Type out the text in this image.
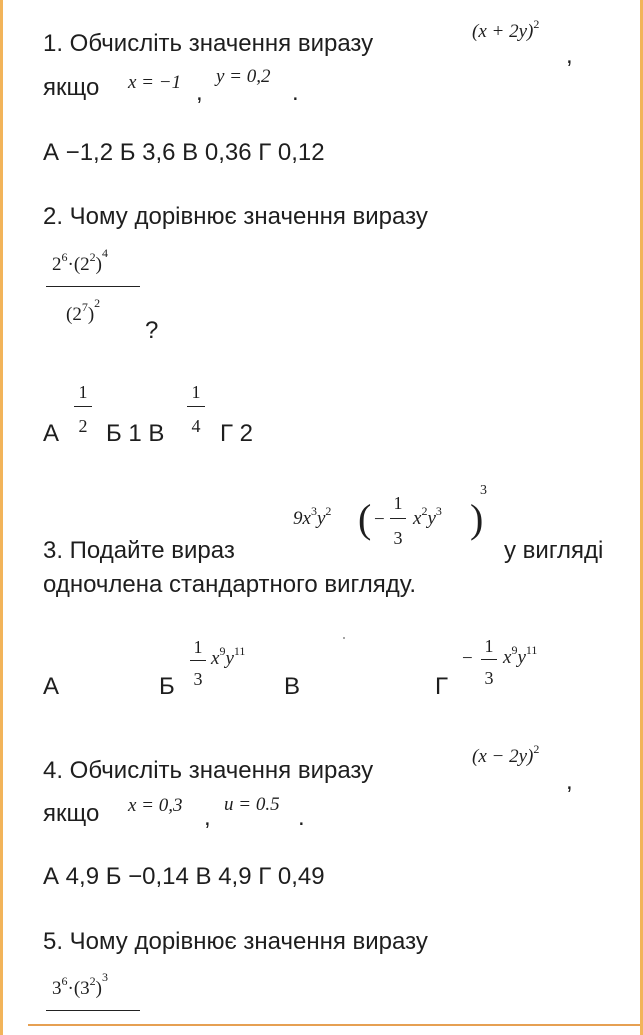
1. Обчисліть значення виразу	$(x + 2y)^2$
,
якщо x = −1 ,
y = 0,2
.
А −1,2 Б 3,6 В 0,36 Г 0,12
2. Чому дорівнює значення виразу
$2^6\cdot(2^2)^4$
$(2^7)^2$
?
А
1
2 Б 1 В
1
4 Г 2
3. Подайте вираз
$9x^3y^2$ ( −
1
3
$x^2y^3$ )
3
у вигляді
одночлена стандартного вигляду.
А	Б
1
3
$x^9y^{11}$
В	Г
−
1
3
$x^9y^{11}$
4. Обчисліть значення виразу
$(x - 2y)^2$
,
якщо x = 0,3 , u = 0.5 .
А 4,9 Б −0,14 В 4,9 Г 0,49
5. Чому дорівнює значення виразу
$3^6\cdot(3^2)^3$
